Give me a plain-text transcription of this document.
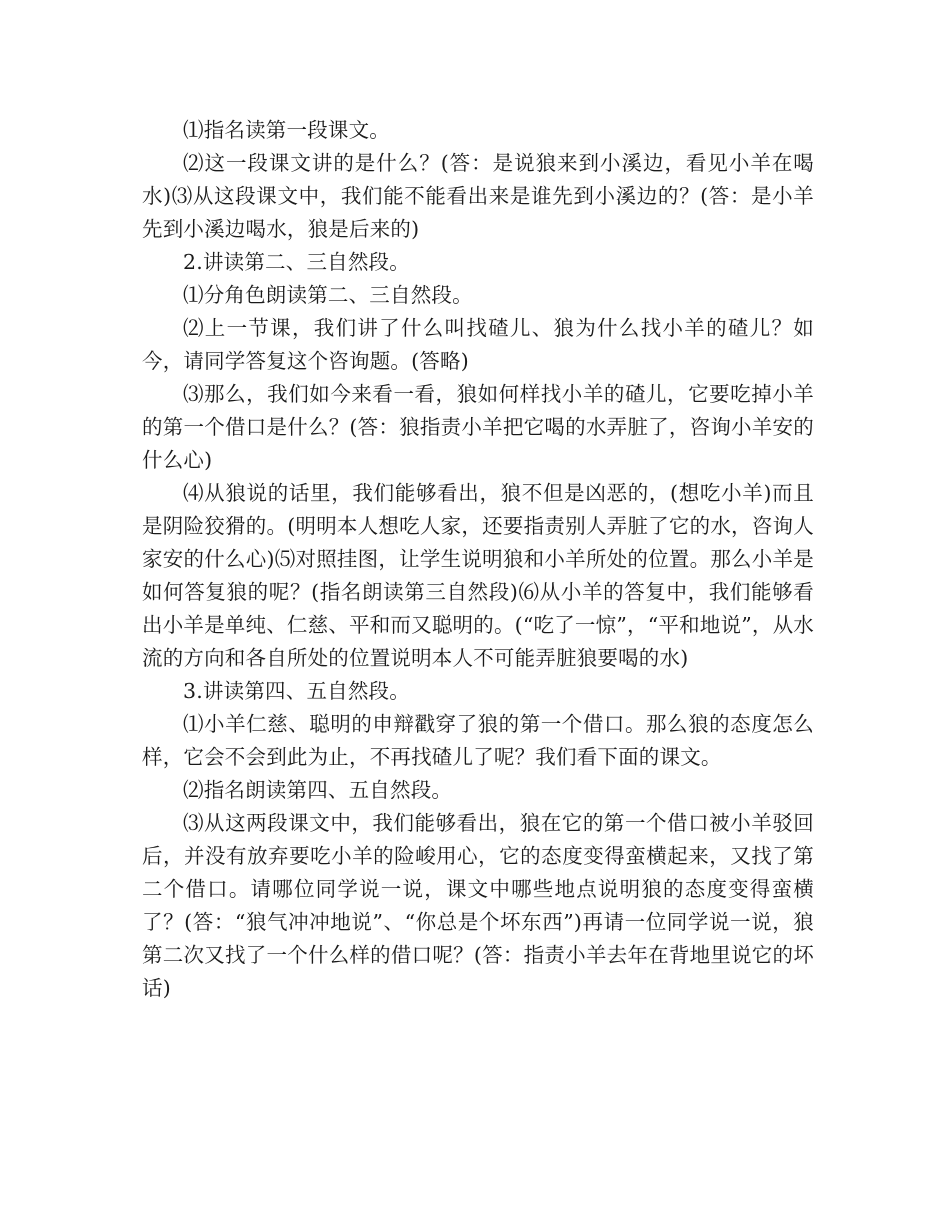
⑴指名读第一段课文。

⑵这一段课文讲的是什么？(答：是说狼来到小溪边，看见小羊在喝水)⑶从这段课文中，我们能不能看出来是谁先到小溪边的？(答：是小羊先到小溪边喝水，狼是后来的)

2.讲读第二、三自然段。

⑴分角色朗读第二、三自然段。

⑵上一节课，我们讲了什么叫找碴儿、狼为什么找小羊的碴儿？如今，请同学答复这个咨询题。(答略)

⑶那么，我们如今来看一看，狼如何样找小羊的碴儿，它要吃掉小羊的第一个借口是什么？(答：狼指责小羊把它喝的水弄脏了，咨询小羊安的什么心)

⑷从狼说的话里，我们能够看出，狼不但是凶恶的，(想吃小羊)而且是阴险狡猾的。(明明本人想吃人家，还要指责别人弄脏了它的水，咨询人家安的什么心)⑸对照挂图，让学生说明狼和小羊所处的位置。那么小羊是如何答复狼的呢？(指名朗读第三自然段)⑹从小羊的答复中，我们能够看出小羊是单纯、仁慈、平和而又聪明的。(“吃了一惊”，“平和地说”，从水流的方向和各自所处的位置说明本人不可能弄脏狼要喝的水)

3.讲读第四、五自然段。

⑴小羊仁慈、聪明的申辩戳穿了狼的第一个借口。那么狼的态度怎么样，它会不会到此为止，不再找碴儿了呢？我们看下面的课文。

⑵指名朗读第四、五自然段。

⑶从这两段课文中，我们能够看出，狼在它的第一个借口被小羊驳回后，并没有放弃要吃小羊的险峻用心，它的态度变得蛮横起来，又找了第二个借口。请哪位同学说一说，课文中哪些地点说明狼的态度变得蛮横了？(答：“狼气冲冲地说”、“你总是个坏东西”)再请一位同学说一说，狼第二次又找了一个什么样的借口呢？(答：指责小羊去年在背地里说它的坏话)
